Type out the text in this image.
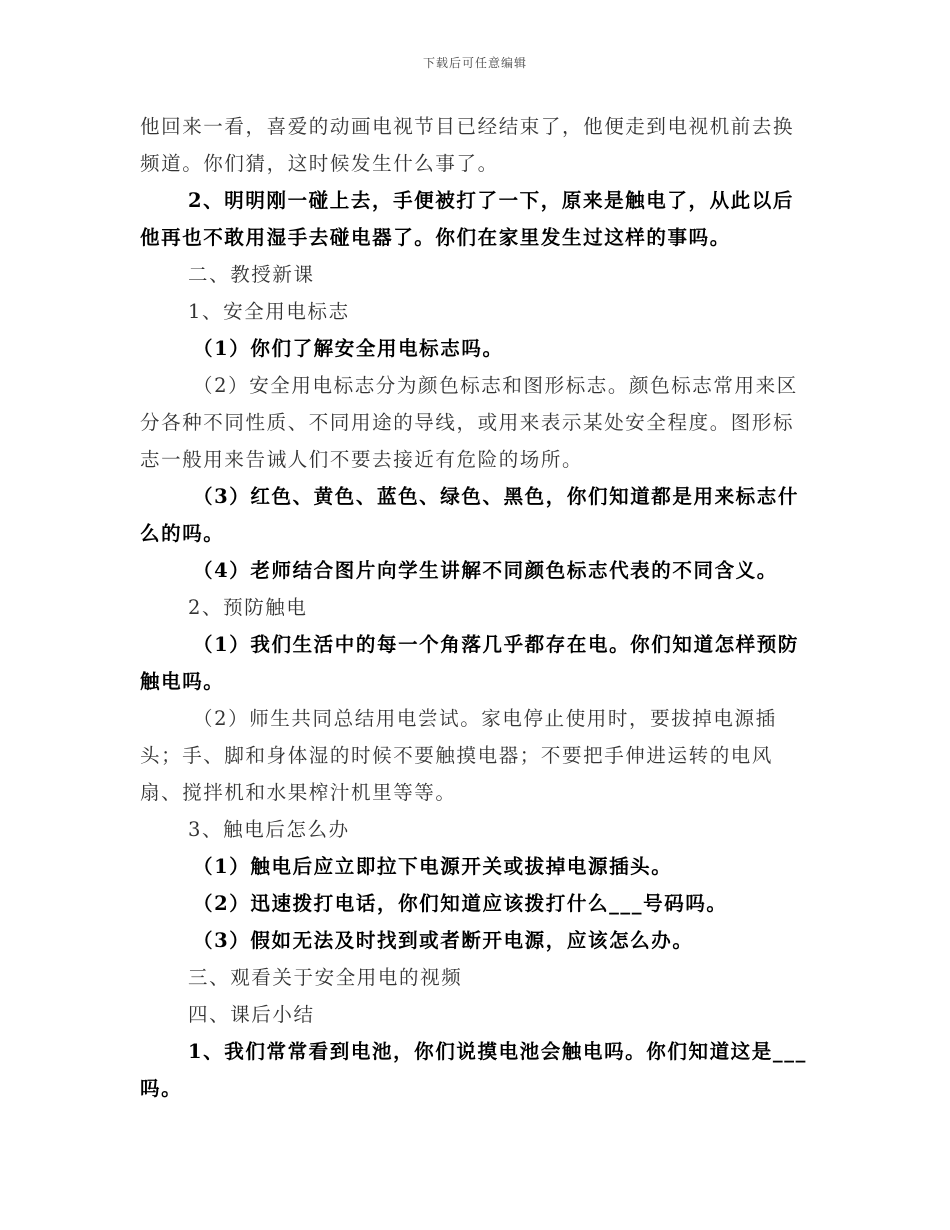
下载后可任意编辑

他回来一看，喜爱的动画电视节目已经结束了，他便走到电视机前去换频道。你们猜，这时候发生什么事了。

2、明明刚一碰上去，手便被打了一下，原来是触电了，从此以后他再也不敢用湿手去碰电器了。你们在家里发生过这样的事吗。

二、教授新课

1、安全用电标志

（1）你们了解安全用电标志吗。

（2）安全用电标志分为颜色标志和图形标志。颜色标志常用来区分各种不同性质、不同用途的导线，或用来表示某处安全程度。图形标志一般用来告诫人们不要去接近有危险的场所。

（3）红色、黄色、蓝色、绿色、黑色，你们知道都是用来标志什么的吗。

（4）老师结合图片向学生讲解不同颜色标志代表的不同含义。

2、预防触电

（1）我们生活中的每一个角落几乎都存在电。你们知道怎样预防触电吗。

（2）师生共同总结用电尝试。家电停止使用时，要拔掉电源插头；手、脚和身体湿的时候不要触摸电器；不要把手伸进运转的电风扇、搅拌机和水果榨汁机里等等。

3、触电后怎么办

（1）触电后应立即拉下电源开关或拔掉电源插头。

（2）迅速拨打电话，你们知道应该拨打什么___号码吗。

（3）假如无法及时找到或者断开电源，应该怎么办。

三、观看关于安全用电的视频

四、课后小结

1、我们常常看到电池，你们说摸电池会触电吗。你们知道这是___吗。
